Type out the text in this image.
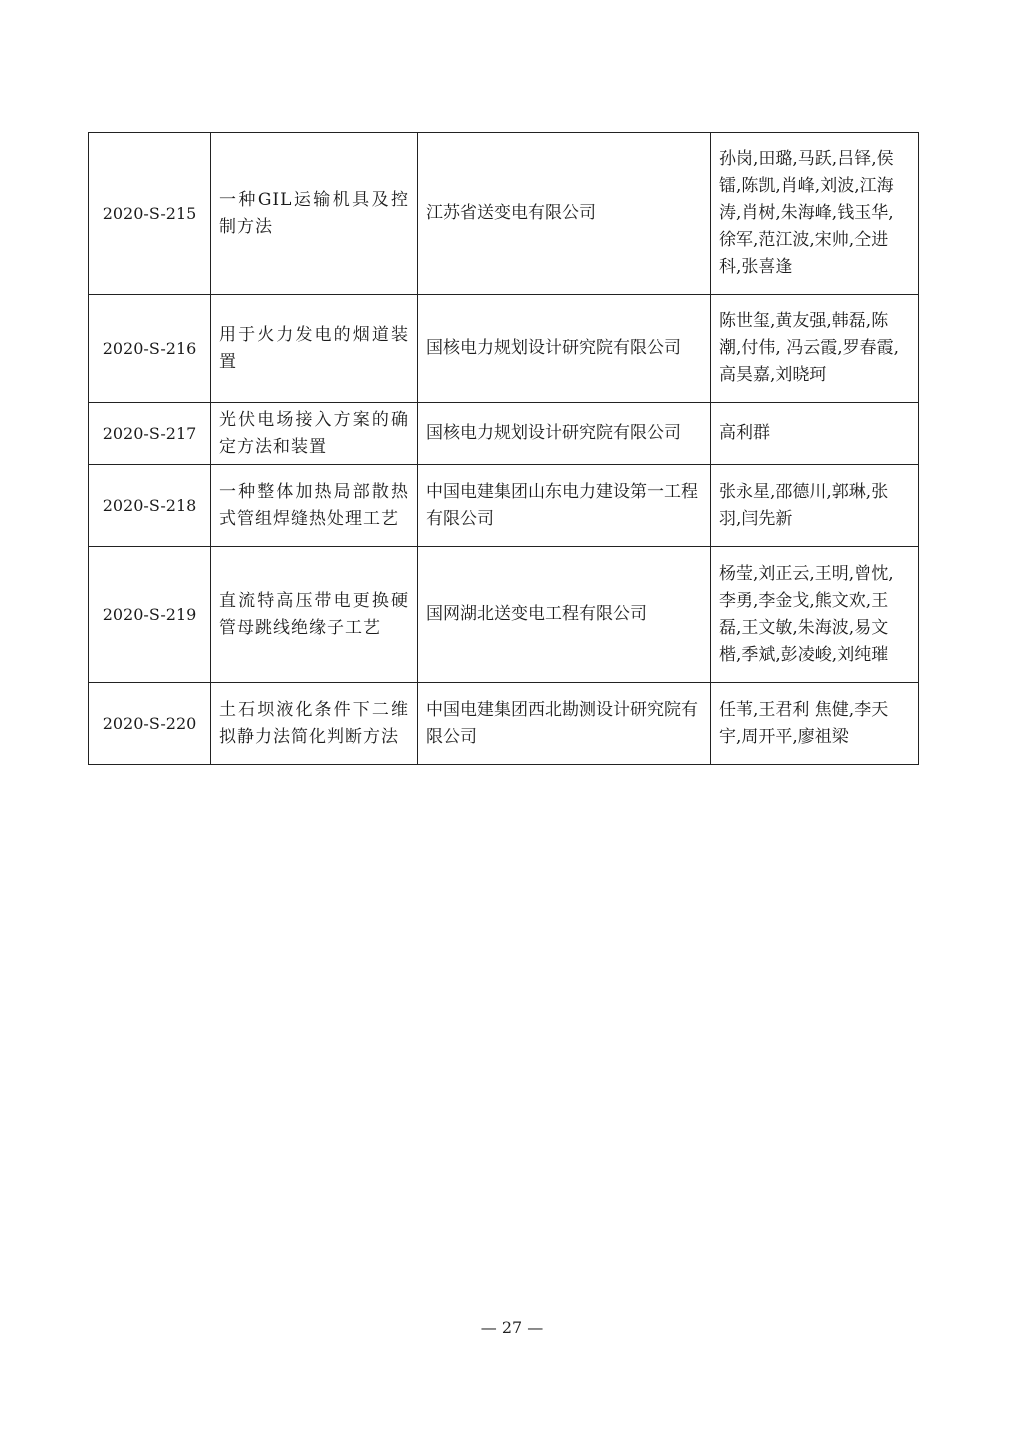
2020-S-215	一种GIL运输机具及控制方法	江苏省送变电有限公司	孙岗,田璐,马跃,吕铎,侯镭,陈凯,肖峰,刘波,江海涛,肖树,朱海峰,钱玉华,徐军,范江波,宋帅,仝进科,张喜逢
2020-S-216	用于火力发电的烟道装置	国核电力规划设计研究院有限公司	陈世玺,黄友强,韩磊,陈潮,付伟, 冯云霞,罗春霞,高昊嘉,刘晓珂
2020-S-217	光伏电场接入方案的确定方法和装置	国核电力规划设计研究院有限公司	高利群
2020-S-218	一种整体加热局部散热式管组焊缝热处理工艺	中国电建集团山东电力建设第一工程有限公司	张永星,邵德川,郭琳,张羽,闫先新
2020-S-219	直流特高压带电更换硬管母跳线绝缘子工艺	国网湖北送变电工程有限公司	杨莹,刘正云,王明,曾忱,李勇,李金戈,熊文欢,王磊,王文敏,朱海波,易文楷,季斌,彭凌峻,刘纯璀
2020-S-220	土石坝液化条件下二维拟静力法简化判断方法	中国电建集团西北勘测设计研究院有限公司	任苇,王君利 焦健,李天宇,周开平,廖祖梁
— 27 —
